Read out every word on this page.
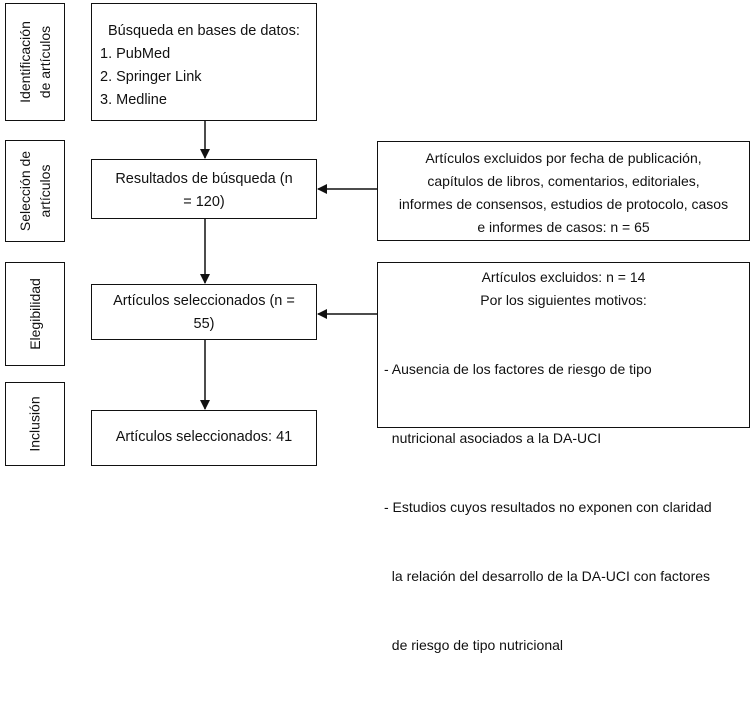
Identificación de artículos
Selección de artículos
Elegibilidad
Inclusión
Búsqueda en bases de datos:
1. PubMed
2. Springer Link
3. Medline
Resultados de búsqueda (n
= 120)
Artículos seleccionados (n =
55)
Artículos seleccionados: 41
Artículos excluidos por fecha de publicación,
capítulos de libros, comentarios, editoriales,
informes de consensos, estudios de protocolo, casos
e informes de casos: n = 65
Artículos excluidos: n = 14
Por los siguientes motivos:

- Ausencia de los factores de riesgo de tipo

nutricional asociados a la DA-UCI

- Estudios cuyos resultados no exponen con claridad

la relación del desarrollo de la DA-UCI con factores

de riesgo de tipo nutricional
